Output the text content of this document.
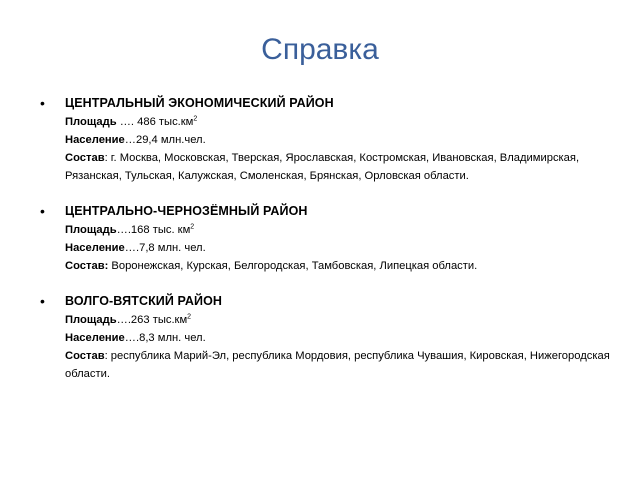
Справка
• ЦЕНТРАЛЬНЫЙ ЭКОНОМИЧЕСКИЙ РАЙОН
Площадь …. 486 $тыс.км^2$
Население…29,4 млн.чел.
Состав: г. Москва, Московская, Тверская, Ярославская, Костромская, Ивановская, Владимирская, Рязанская, Тульская, Калужская, Смоленская, Брянская, Орловская области.
• ЦЕНТРАЛЬНО-ЧЕРНОЗЁМНЫЙ РАЙОН
Площадь….168 тыс. $км^2$
Население….7,8 млн. чел.
Состав: Воронежская, Курская, Белгородская, Тамбовская, Липецкая области.
• ВОЛГО-ВЯТСКИЙ РАЙОН
Площадь….263 $тыс.км^2$
Население….8,3 млн. чел.
Состав: республика Марий-Эл, республика Мордовия, республика Чувашия, Кировская, Нижегородская области.
